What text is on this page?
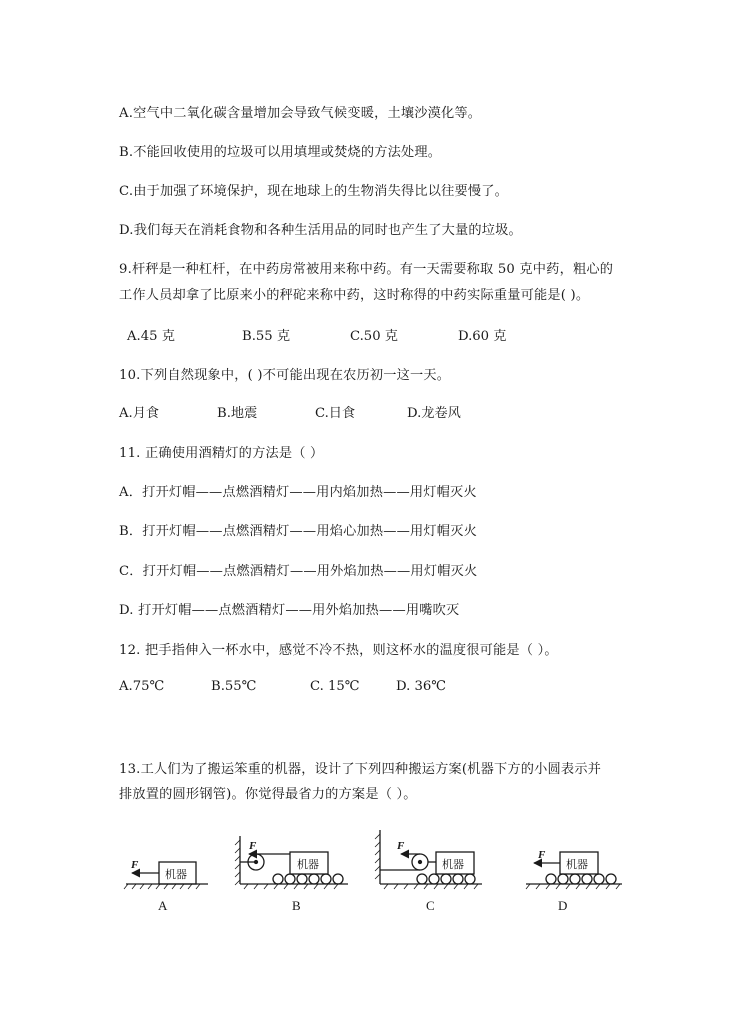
A.空气中二氧化碳含量增加会导致气候变暖，土壤沙漠化等。
B.不能回收使用的垃圾可以用填埋或焚烧的方法处理。
C.由于加强了环境保护，现在地球上的生物消失得比以往要慢了。
D.我们每天在消耗食物和各种生活用品的同时也产生了大量的垃圾。
9.杆秤是一种杠杆，在中药房常被用来称中药。有一天需要称取 50 克中药，粗心的
工作人员却拿了比原来小的秤砣来称中药，这时称得的中药实际重量可能是( )。
A.45 克	B.55 克	C.50 克	D.60 克
10.下列自然现象中，( )不可能出现在农历初一这一天。
A.月食	B.地震	C.日食	D.龙卷风
11. 正确使用酒精灯的方法是（ ）
A．打开灯帽——点燃酒精灯——用内焰加热——用灯帽灭火
B．打开灯帽——点燃酒精灯——用焰心加热——用灯帽灭火
C．打开灯帽——点燃酒精灯——用外焰加热——用灯帽灭火
D. 打开灯帽——点燃酒精灯——用外焰加热——用嘴吹灭
12. 把手指伸入一杯水中，感觉不冷不热，则这杯水的温度很可能是（ ）。
A.75℃	B.55℃	C. 15℃	D. 36℃
13.工人们为了搬运笨重的机器，设计了下列四种搬运方案(机器下方的小圆表示并
排放置的圆形钢管)。你觉得最省力的方案是（ ）。
F
机器
A
F
机器
B
F
机器
C
F
机器
D
